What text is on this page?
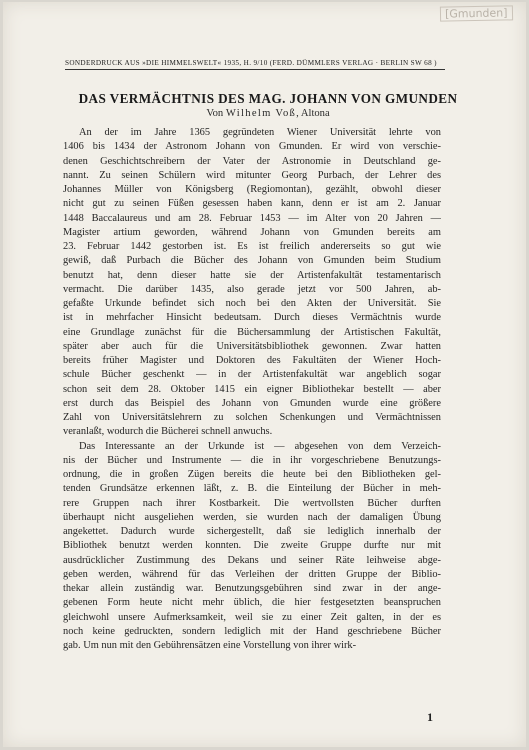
[Gmunden]
SONDERDRUCK AUS »DIE HIMMELSWELT« 1935, H. 9/10 (FERD. DÜMMLERS VERLAG · BERLIN SW 68 )
DAS VERMÄCHTNIS DES MAG. JOHANN VON GMUNDEN
Von Wilhelm Voß, Altona
An der im Jahre 1365 gegründeten Wiener Universität lehrte von
1406 bis 1434 der Astronom Johann von Gmunden. Er wird von verschie-
denen Geschichtschreibern der Vater der Astronomie in Deutschland ge-
nannt. Zu seinen Schülern wird mitunter Georg Purbach, der Lehrer des
Johannes Müller von Königsberg (Regiomontan), gezählt, obwohl dieser
nicht gut zu seinen Füßen gesessen haben kann, denn er ist am 2. Januar
1448 Baccalaureus und am 28. Februar 1453 — im Alter von 20 Jahren —
Magister artium geworden, während Johann von Gmunden bereits am
23. Februar 1442 gestorben ist. Es ist freilich andererseits so gut wie
gewiß, daß Purbach die Bücher des Johann von Gmunden beim Studium
benutzt hat, denn dieser hatte sie der Artistenfakultät testamentarisch
vermacht. Die darüber 1435, also gerade jetzt vor 500 Jahren, ab-
gefaßte Urkunde befindet sich noch bei den Akten der Universität. Sie
ist in mehrfacher Hinsicht bedeutsam. Durch dieses Vermächtnis wurde
eine Grundlage zunächst für die Büchersammlung der Artistischen Fakultät,
später aber auch für die Universitätsbibliothek gewonnen. Zwar hatten
bereits früher Magister und Doktoren des Fakultäten der Wiener Hoch-
schule Bücher geschenkt — in der Artistenfakultät war angeblich sogar
schon seit dem 28. Oktober 1415 ein eigner Bibliothekar bestellt — aber
erst durch das Beispiel des Johann von Gmunden wurde eine größere
Zahl von Universitätslehrern zu solchen Schenkungen und Vermächtnissen
veranlaßt, wodurch die Bücherei schnell anwuchs.
Das Interessante an der Urkunde ist — abgesehen von dem Verzeich-
nis der Bücher und Instrumente — die in ihr vorgeschriebene Benutzungs-
ordnung, die in großen Zügen bereits die heute bei den Bibliotheken gel-
tenden Grundsätze erkennen läßt, z. B. die Einteilung der Bücher in meh-
rere Gruppen nach ihrer Kostbarkeit. Die wertvollsten Bücher durften
überhaupt nicht ausgeliehen werden, sie wurden nach der damaligen Übung
angekettet. Dadurch wurde sichergestellt, daß sie lediglich innerhalb der
Bibliothek benutzt werden konnten. Die zweite Gruppe durfte nur mit
ausdrücklicher Zustimmung des Dekans und seiner Räte leihweise abge-
geben werden, während für das Verleihen der dritten Gruppe der Biblio-
thekar allein zuständig war. Benutzungsgebühren sind zwar in der ange-
gebenen Form heute nicht mehr üblich, die hier festgesetzten beanspruchen
gleichwohl unsere Aufmerksamkeit, weil sie zu einer Zeit galten, in der es
noch keine gedruckten, sondern lediglich mit der Hand geschriebene Bücher
gab. Um nun mit den Gebührensätzen eine Vorstellung von ihrer wirk-
1
